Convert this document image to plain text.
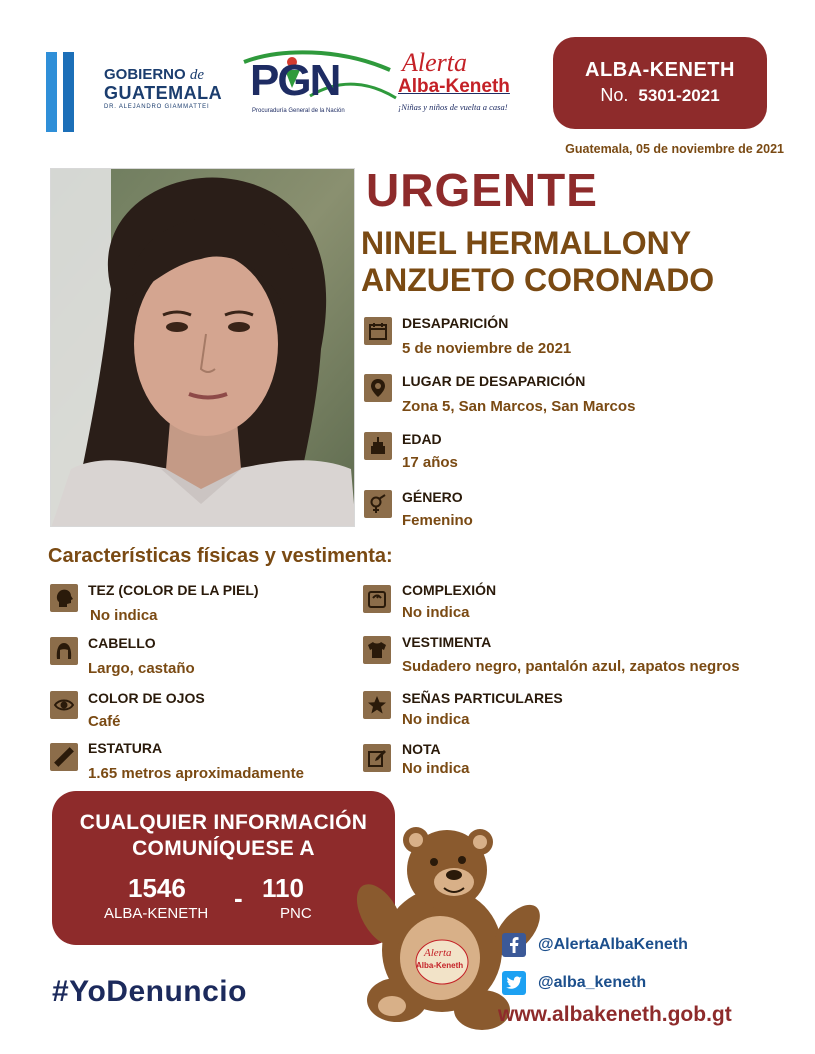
GOBIERNO de
GUATEMALA
DR. ALEJANDRO GIAMMATTEI
PGN
Procuraduría General de la Nación
Alerta
Alba-Keneth
¡Niñas y niños de vuelta a casa!
ALBA-KENETH
No. 5301-2021
Guatemala, 05 de noviembre de 2021
URGENTE
NINEL HERMALLONY
ANZUETO CORONADO
DESAPARICIÓN
5 de noviembre de 2021
LUGAR DE DESAPARICIÓN
Zona 5, San Marcos, San Marcos
EDAD
17 años
GÉNERO
Femenino
Características físicas y vestimenta:
TEZ (COLOR DE LA PIEL)
No indica
CABELLO
Largo, castaño
COLOR DE OJOS
Café
ESTATURA
1.65 metros aproximadamente
COMPLEXIÓN
No indica
VESTIMENTA
Sudadero negro, pantalón azul, zapatos negros
SEÑAS PARTICULARES
No indica
NOTA
No indica
CUALQUIER INFORMACIÓN
COMUNÍQUESE A
1546
ALBA-KENETH
- 110
PNC
#YoDenuncio
Alerta
Alba-Keneth
@AlertaAlbaKeneth
@alba_keneth
www.albakeneth.gob.gt
